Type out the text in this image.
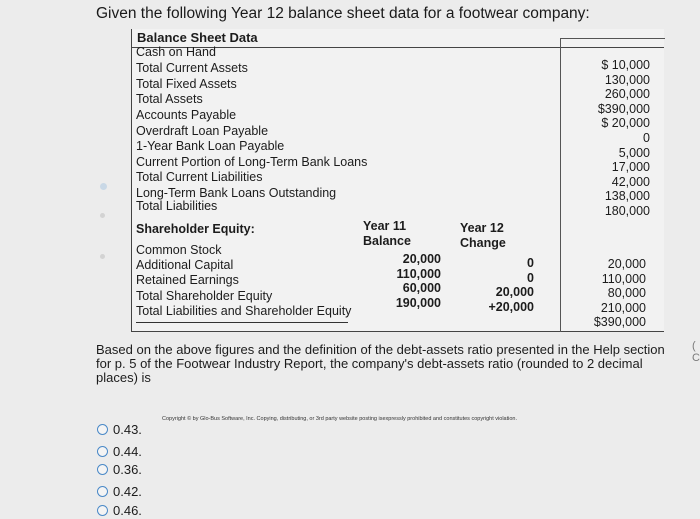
Given the following Year 12 balance sheet data for a footwear company:
Balance Sheet Data
Cash on Hand
Total Current Assets
Total Fixed Assets
Total Assets
Accounts Payable
Overdraft Loan Payable
1-Year Bank Loan Payable
Current Portion of Long-Term Bank Loans
Total Current Liabilities
Long-Term Bank Loans Outstanding
Total Liabilities
$ 10,000
130,000
260,000
$390,000
$ 20,000
0
5,000
17,000
42,000
138,000
180,000
Shareholder Equity:	Year 11
Balance
Year 12
Change
Common Stock
Additional Capital
Retained Earnings
Total Shareholder Equity
Total Liabilities and Shareholder Equity
20,000
110,000
60,000
190,000
0
0
20,000
+20,000
20,000
110,000
80,000
210,000
$390,000
Based on the above figures and the definition of the debt-assets ratio presented in the Help section for p. 5 of the Footwear Industry Report, the company's debt-assets ratio (rounded to 2 decimal places) is
Copyright © by Glo-Bus Software, Inc. Copying, distributing, or 3rd party website posting isexpressly prohibited and constitutes copyright violation.
0.43.
0.44.
0.36.
0.42.
0.46.
(
C
